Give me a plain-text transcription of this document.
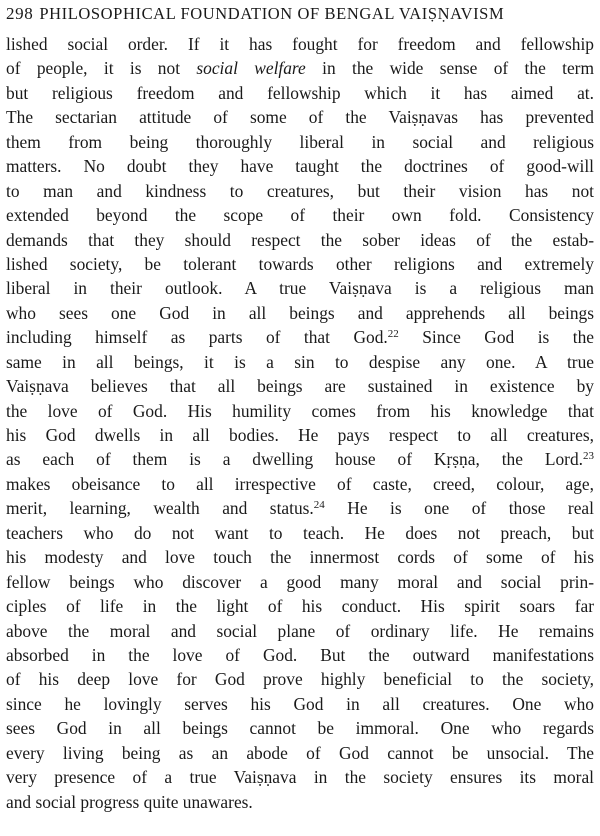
298 PHILOSOPHICAL FOUNDATION OF BENGAL VAIṢṆAVISM
lished social order. If it has fought for freedom and fellowship
of people, it is not social welfare in the wide sense of the term
but religious freedom and fellowship which it has aimed at.
The sectarian attitude of some of the Vaiṣṇavas has prevented
them from being thoroughly liberal in social and religious
matters. No doubt they have taught the doctrines of good-will
to man and kindness to creatures, but their vision has not
extended beyond the scope of their own fold. Consistency
demands that they should respect the sober ideas of the estab-
lished society, be tolerant towards other religions and extremely
liberal in their outlook. A true Vaiṣṇava is a religious man
who sees one God in all beings and apprehends all beings
including himself as parts of that God.$^{22}$ Since God is the
same in all beings, it is a sin to despise any one. A true
Vaiṣṇava believes that all beings are sustained in existence by
the love of God. His humility comes from his knowledge that
his God dwells in all bodies. He pays respect to all creatures,
as each of them is a dwelling house of Kṛṣṇa, the Lord.$^{23}$
makes obeisance to all irrespective of caste, creed, colour, age,
merit, learning, wealth and status.$^{24}$ He is one of those real
teachers who do not want to teach. He does not preach, but
his modesty and love touch the innermost cords of some of his
fellow beings who discover a good many moral and social prin-
ciples of life in the light of his conduct. His spirit soars far
above the moral and social plane of ordinary life. He remains
absorbed in the love of God. But the outward manifestations
of his deep love for God prove highly beneficial to the society,
since he lovingly serves his God in all creatures. One who
sees God in all beings cannot be immoral. One who regards
every living being as an abode of God cannot be unsocial. The
very presence of a true Vaiṣṇava in the society ensures its moral
and social progress quite unawares.
